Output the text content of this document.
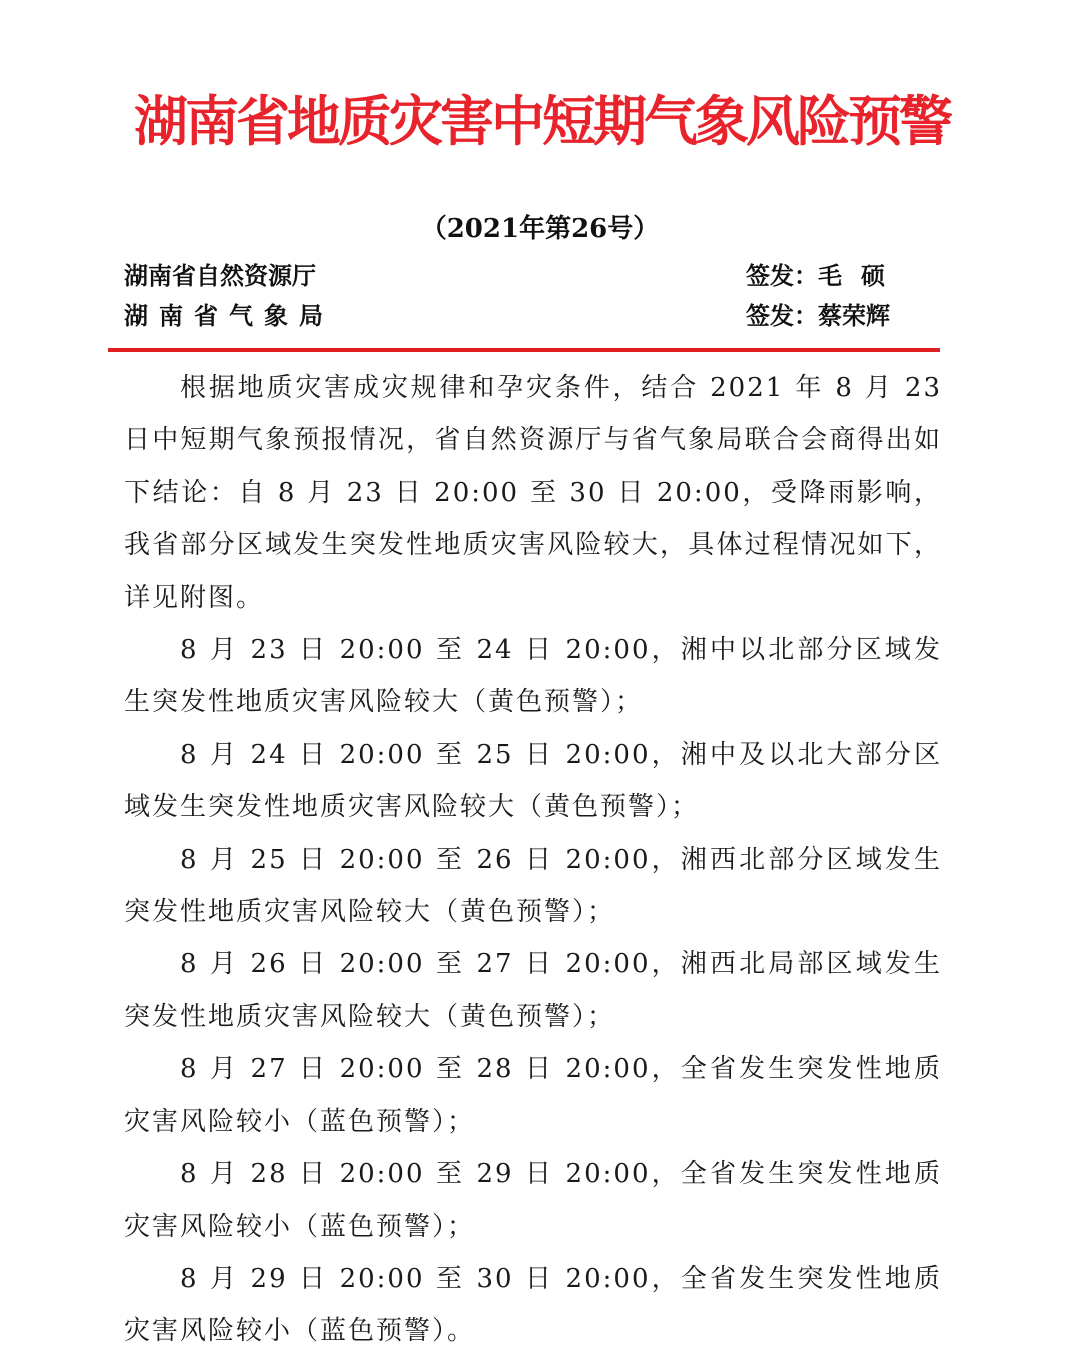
湖南省地质灾害中短期气象风险预警
（2021年第26号）
湖南省自然资源厅	签发：毛硕
湖南省气象局	签发：蔡荣辉

根据地质灾害成灾规律和孕灾条件，结合 2021 年 8 月 23 日中短期气象预报情况，省自然资源厅与省气象局联合会商得出如下结论：自 8 月 23 日 20:00 至 30 日 20:00，受降雨影响，我省部分区域发生突发性地质灾害风险较大，具体过程情况如下，详见附图。

8 月 23 日 20:00 至 24 日 20:00，湘中以北部分区域发生突发性地质灾害风险较大（黄色预警）；

8 月 24 日 20:00 至 25 日 20:00，湘中及以北大部分区域发生突发性地质灾害风险较大（黄色预警）；

8 月 25 日 20:00 至 26 日 20:00，湘西北部分区域发生突发性地质灾害风险较大（黄色预警）；

8 月 26 日 20:00 至 27 日 20:00，湘西北局部区域发生突发性地质灾害风险较大（黄色预警）；

8 月 27 日 20:00 至 28 日 20:00，全省发生突发性地质灾害风险较小（蓝色预警）；

8 月 28 日 20:00 至 29 日 20:00，全省发生突发性地质灾害风险较小（蓝色预警）；

8 月 29 日 20:00 至 30 日 20:00，全省发生突发性地质灾害风险较小（蓝色预警）。
